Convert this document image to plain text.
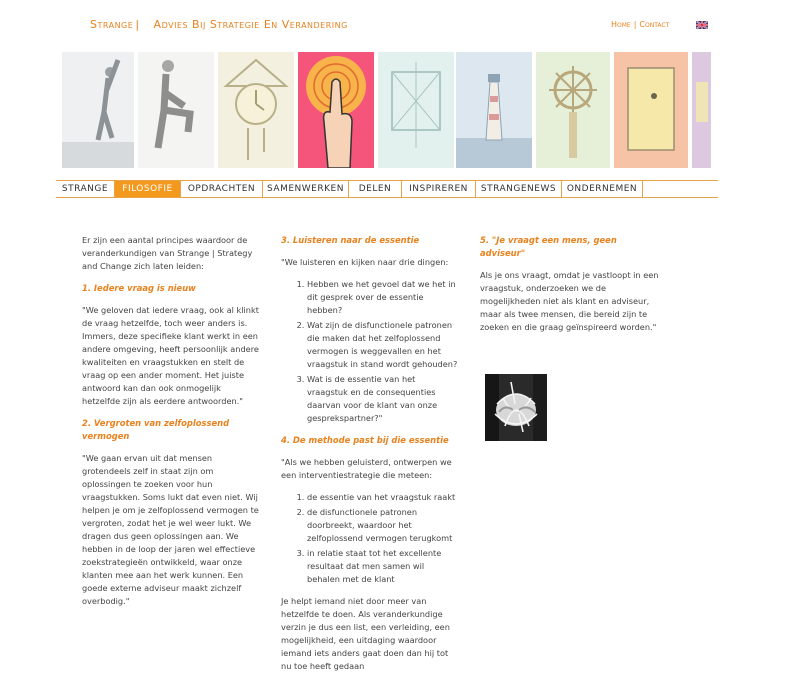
Strange | Advies Bij Strategie En Verandering	Home | Contact
STRANGE	FILOSOFIE	OPDRACHTEN	SAMENWERKEN	DELEN	INSPIREREN	STRANGENEWS	ONDERNEMEN

Er zijn een aantal principes waardoor de veranderkundigen van Strange | Strategy and Change zich laten leiden:

1. Iedere vraag is nieuw

"We geloven dat iedere vraag, ook al klinkt de vraag hetzelfde, toch weer anders is. Immers, deze specifieke klant werkt in een andere omgeving, heeft persoonlijk andere kwaliteiten en vraagstukken en stelt de vraag op een ander moment. Het juiste antwoord kan dan ook onmogelijk hetzelfde zijn als eerdere antwoorden."

2. Vergroten van zelfoplossend vermogen

"We gaan ervan uit dat mensen grotendeels zelf in staat zijn om oplossingen te zoeken voor hun vraagstukken. Soms lukt dat even niet. Wij helpen je om je zelfoplossend vermogen te vergroten, zodat het je wel weer lukt. We dragen dus geen oplossingen aan. We hebben in de loop der jaren wel effectieve zoekstrategieën ontwikkeld, waar onze klanten mee aan het werk kunnen. Een goede externe adviseur maakt zichzelf overbodig."

3. Luisteren naar de essentie

"We luisteren en kijken naar drie dingen:

1. Hebben we het gevoel dat we het in dit gesprek over de essentie hebben?
2. Wat zijn de disfunctionele patronen die maken dat het zelfoplossend vermogen is weggevallen en het vraagstuk in stand wordt gehouden?
3. Wat is de essentie van het vraagstuk en de consequenties daarvan voor de klant van onze gesprekspartner?"
4. De methode past bij die essentie

"Als we hebben geluisterd, ontwerpen we een interventiestrategie die meteen:

1. de essentie van het vraagstuk raakt
2. de disfunctionele patronen doorbreekt, waardoor het zelfoplossend vermogen terugkomt
3. in relatie staat tot het excellente resultaat dat men samen wil behalen met de klant

Je helpt iemand niet door meer van hetzelfde te doen. Als veranderkundige verzin je dus een list, een verleiding, een mogelijkheid, een uitdaging waardoor iemand iets anders gaat doen dan hij tot nu toe heeft gedaan

5. "Je vraagt een mens, geen adviseur"

Als je ons vraagt, omdat je vastloopt in een vraagstuk, onderzoeken we de mogelijkheden niet als klant en adviseur, maar als twee mensen, die bereid zijn te zoeken en die graag geïnspireerd worden."
